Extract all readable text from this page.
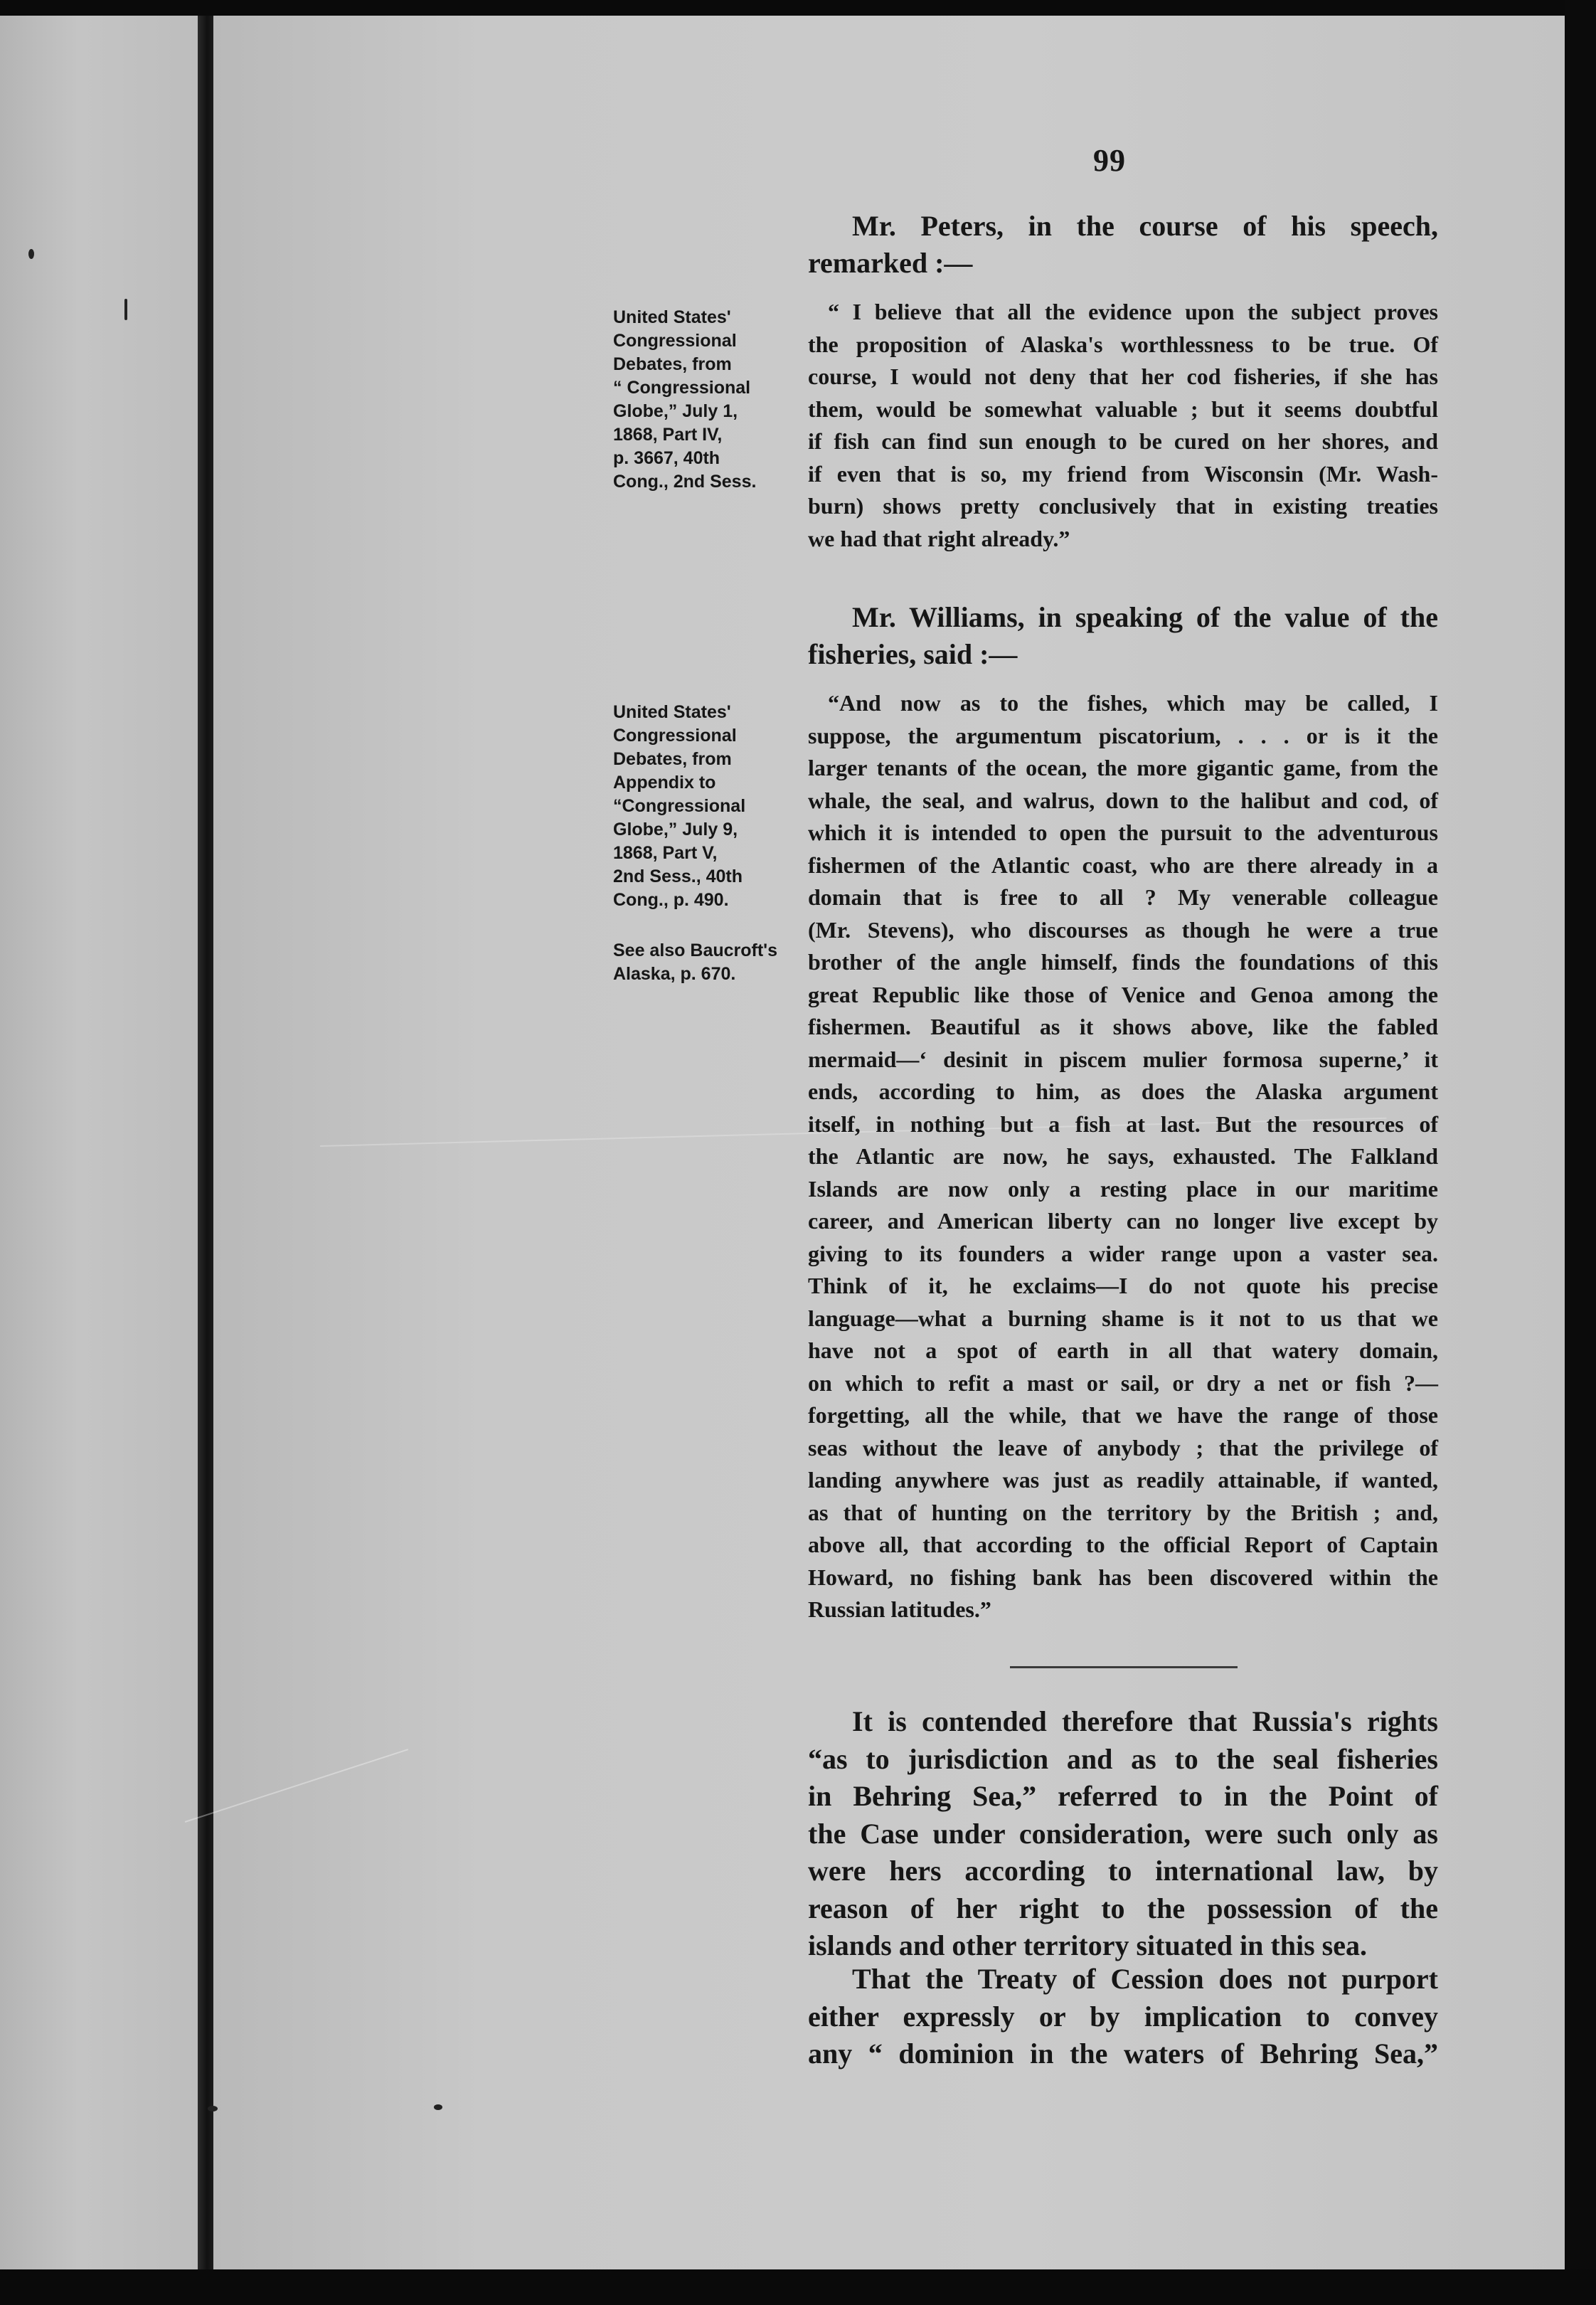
99
United States'
Congressional
Debates, from
“ Congressional
Globe,” July 1,
1868, Part IV,
p. 3667, 40th
Cong., 2nd Sess.
United States'
Congressional
Debates, from
Appendix to
“Congressional
Globe,” July 9,
1868, Part V,
2nd Sess., 40th
Cong., p. 490.
See also Baucroft's
Alaska, p. 670.
Mr. Peters, in the course of his speech,
remarked :—
“ I believe that all the evidence upon the subject proves
the proposition of Alaska's worthlessness to be true. Of
course, I would not deny that her cod fisheries, if she has
them, would be somewhat valuable ; but it seems doubtful
if fish can find sun enough to be cured on her shores, and
if even that is so, my friend from Wisconsin (Mr. Wash-
burn) shows pretty conclusively that in existing treaties
we had that right already.”
Mr. Williams, in speaking of the value of the
fisheries, said :—
“And now as to the fishes, which may be called, I
suppose, the argumentum piscatorium, . . . or is it the
larger tenants of the ocean, the more gigantic game, from the
whale, the seal, and walrus, down to the halibut and cod, of
which it is intended to open the pursuit to the adventurous
fishermen of the Atlantic coast, who are there already in a
domain that is free to all ? My venerable colleague
(Mr. Stevens), who discourses as though he were a true
brother of the angle himself, finds the foundations of this
great Republic like those of Venice and Genoa among the
fishermen. Beautiful as it shows above, like the fabled
mermaid—‘ desinit in piscem mulier formosa superne,’ it
ends, according to him, as does the Alaska argument
itself, in nothing but a fish at last. But the resources of
the Atlantic are now, he says, exhausted. The Falkland
Islands are now only a resting place in our maritime
career, and American liberty can no longer live except by
giving to its founders a wider range upon a vaster sea.
Think of it, he exclaims—I do not quote his precise
language—what a burning shame is it not to us that we
have not a spot of earth in all that watery domain,
on which to refit a mast or sail, or dry a net or fish ?—
forgetting, all the while, that we have the range of those
seas without the leave of anybody ; that the privilege of
landing anywhere was just as readily attainable, if wanted,
as that of hunting on the territory by the British ; and,
above all, that according to the official Report of Captain
Howard, no fishing bank has been discovered within the
Russian latitudes.”
It is contended therefore that Russia's rights
“as to jurisdiction and as to the seal fisheries
in Behring Sea,” referred to in the Point of
the Case under consideration, were such only as
were hers according to international law, by
reason of her right to the possession of the
islands and other territory situated in this sea.
That the Treaty of Cession does not purport
either expressly or by implication to convey
any “ dominion in the waters of Behring Sea,”
